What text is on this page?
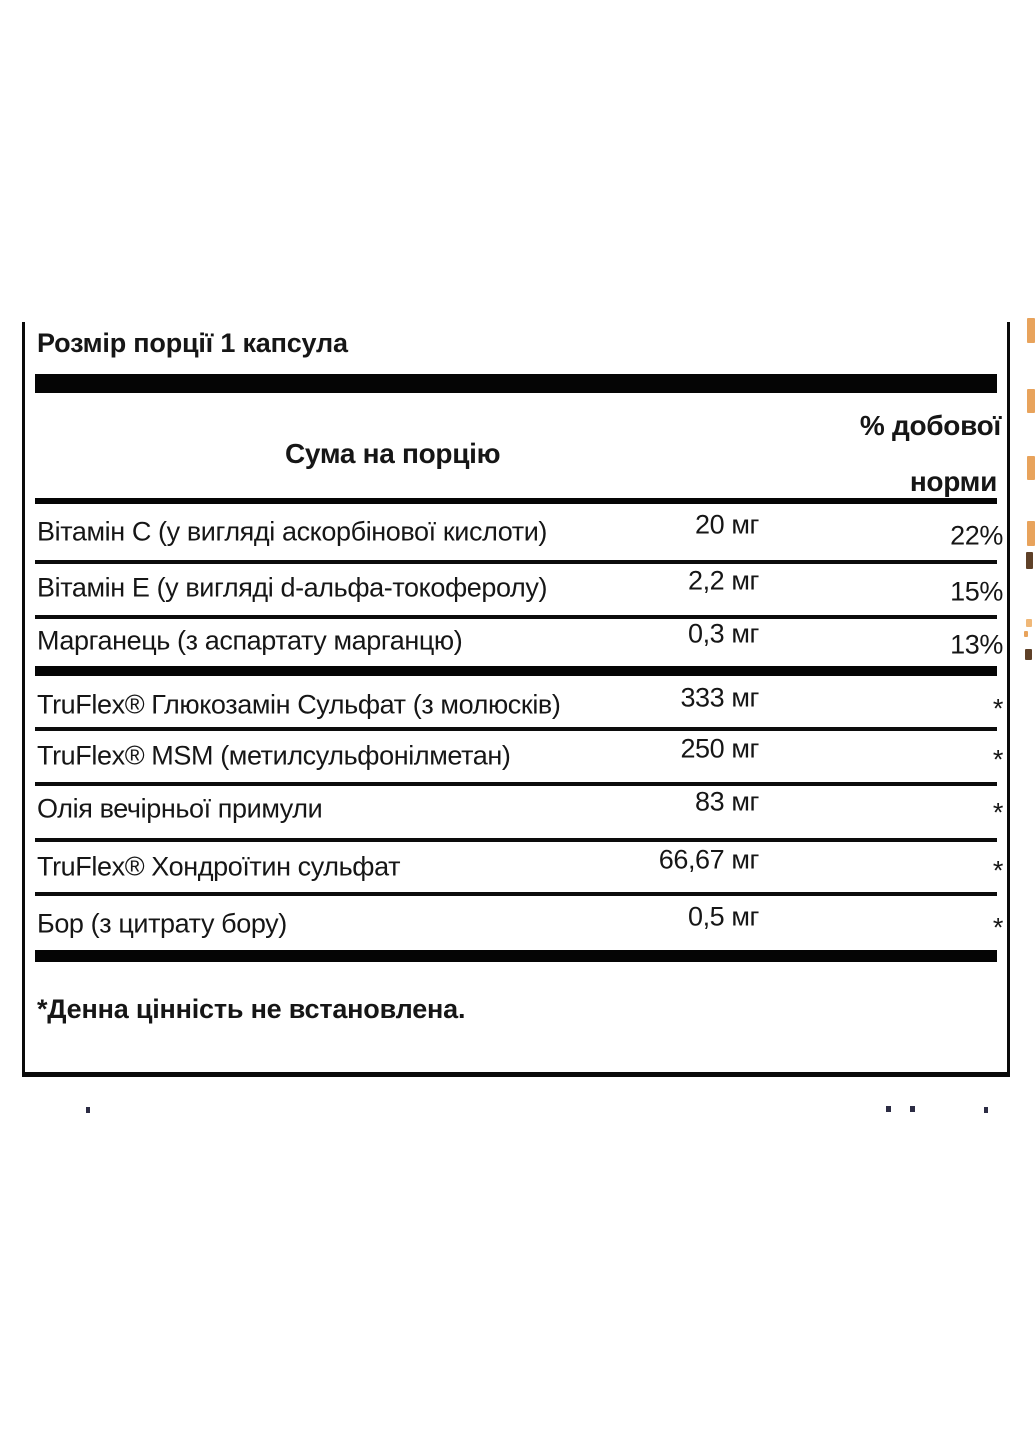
Розмір порції 1 капсула
Сума на порцію
% добової
норми
Вітамін C (у вигляді аскорбінової кислоти)	20 мг	22%
Вітамін E (у вигляді d-альфа-токоферолу)	2,2 мг	15%
Марганець (з аспартату марганцю)	0,3 мг	13%
TruFlex® Глюкозамін Сульфат (з молюсків)	333 мг	*
TruFlex® MSM (метилсульфонілметан)	250 мг	*
Олія вечірньої примули	83 мг	*
TruFlex® Хондроїтин сульфат	66,67 мг	*
Бор (з цитрату бору)	0,5 мг	*
*Денна цінність не встановлена.
